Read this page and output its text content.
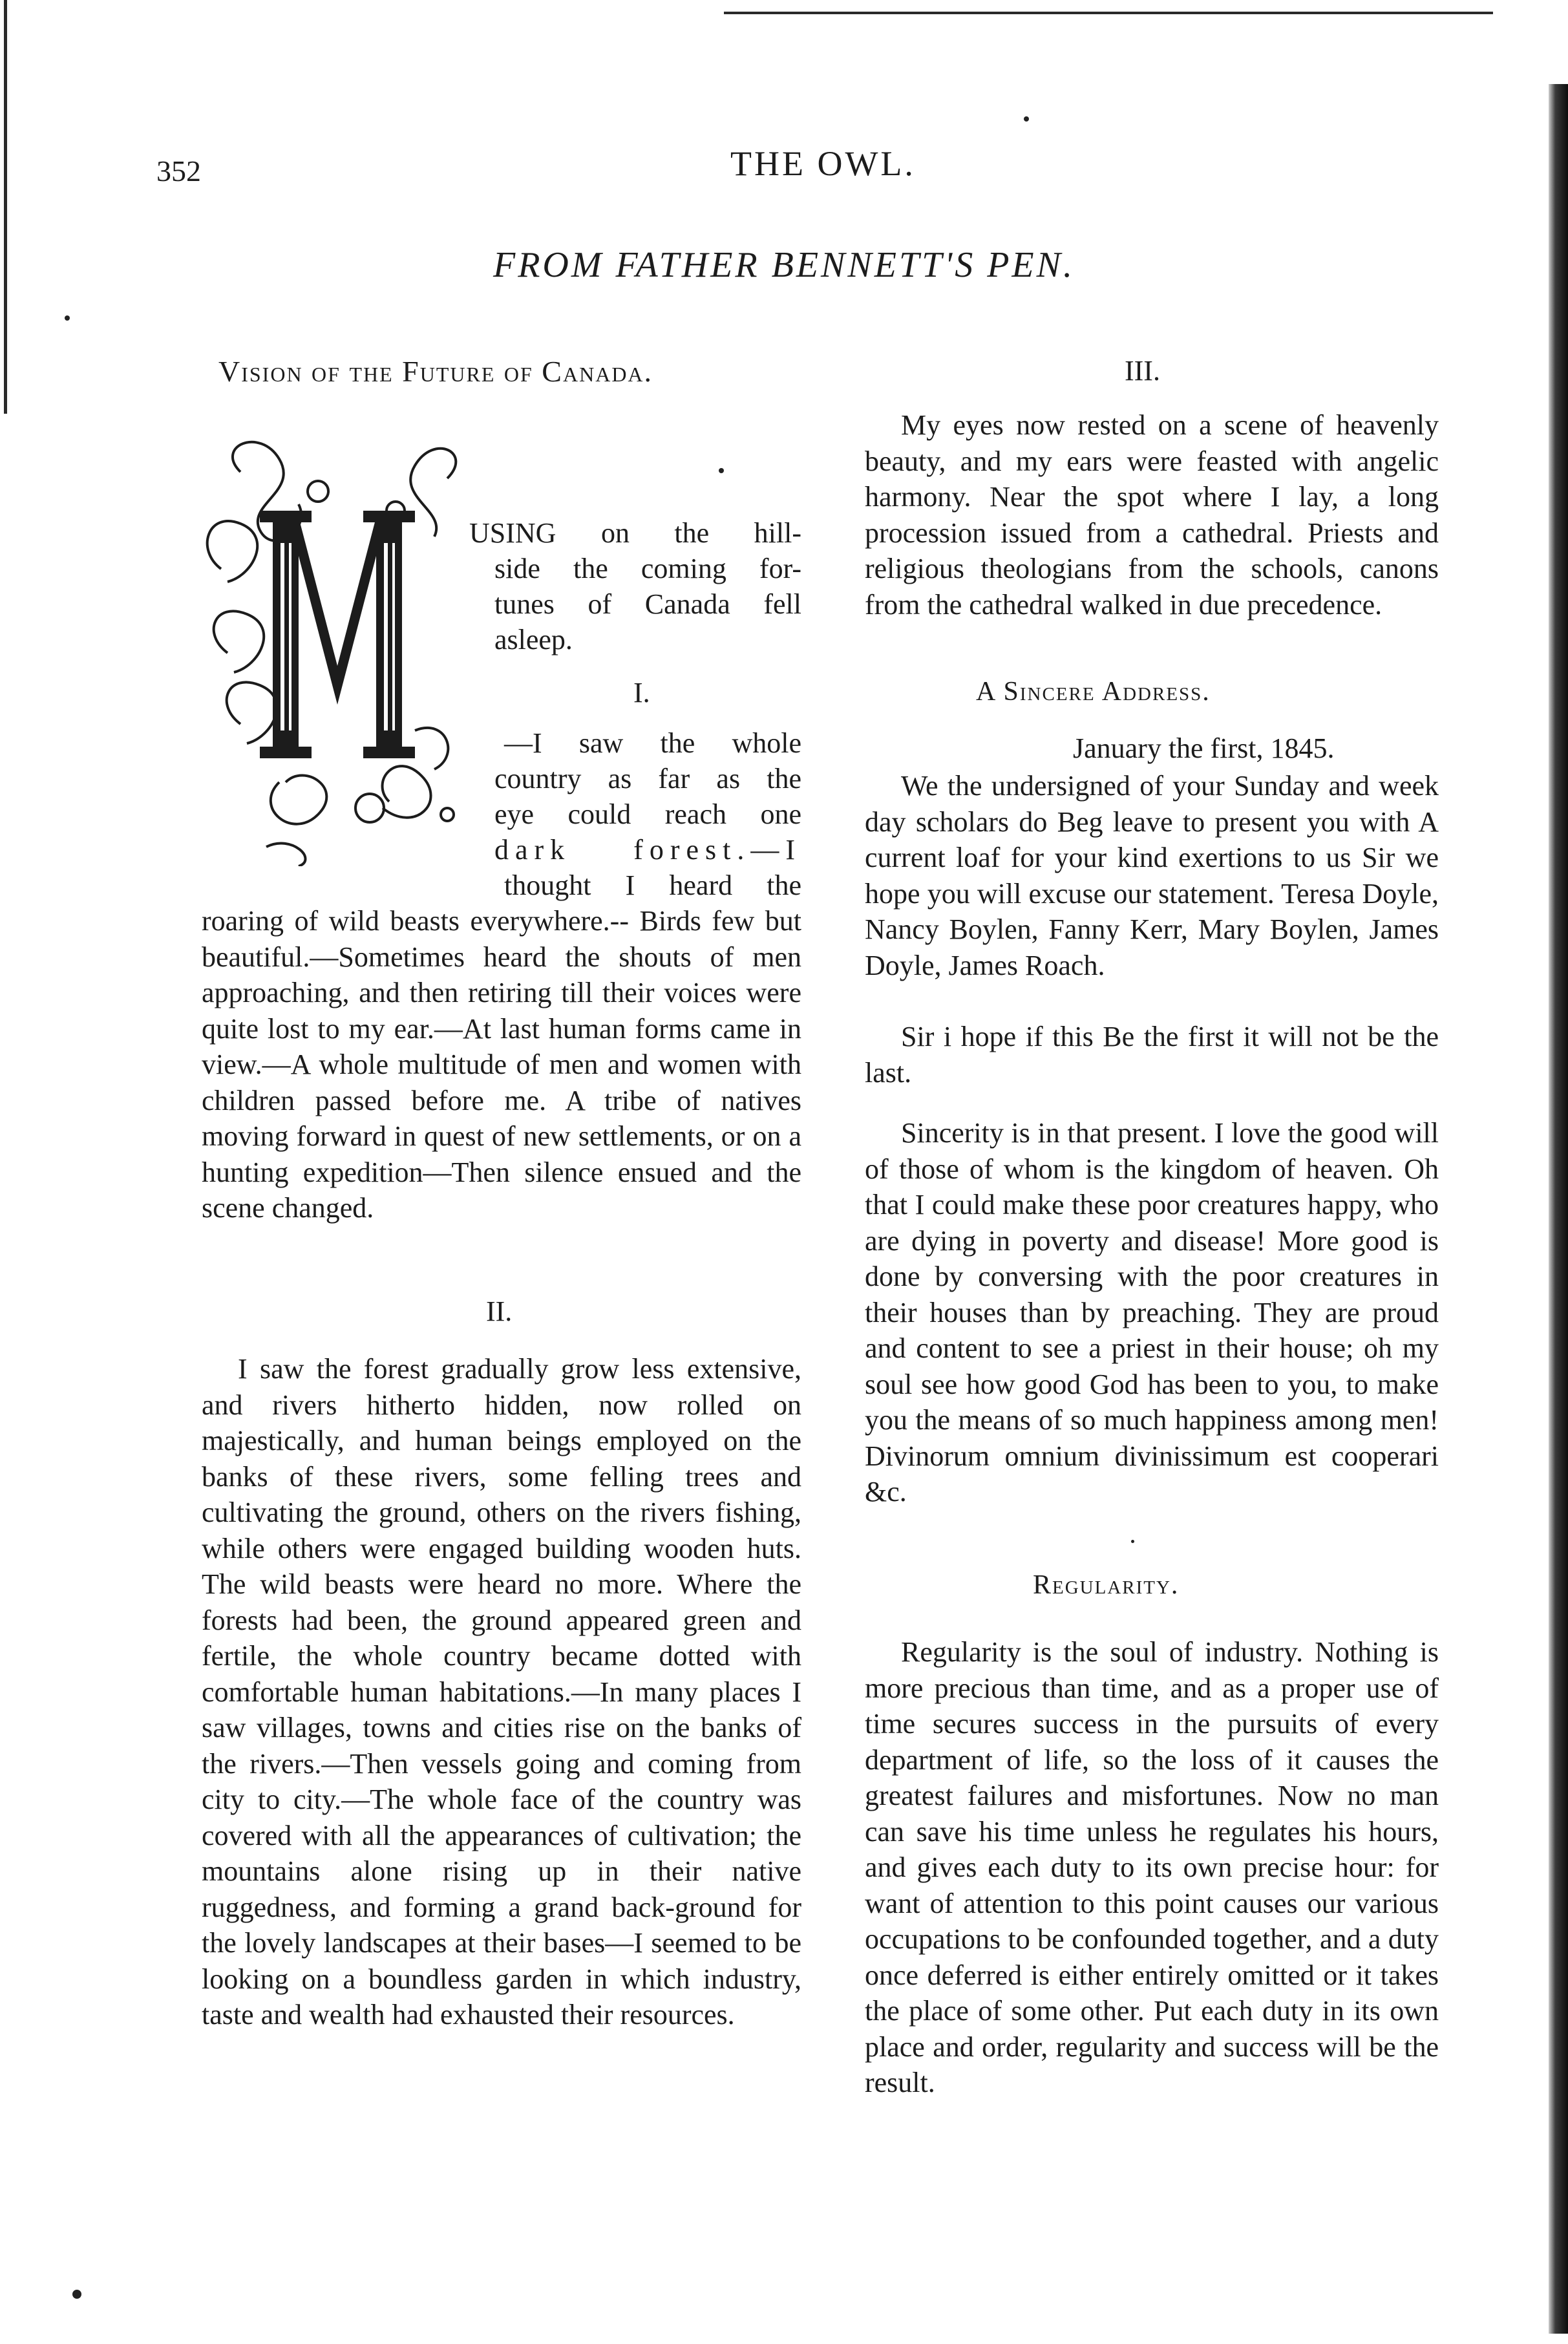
352	THE OWL.
FROM FATHER BENNETT'S PEN.
Vision of the Future of Canada.
M
USING on the hill-
side the coming for-
tunes of Canada fell
asleep.
I.
—I saw the whole
country as far as the
eye could reach one
dark forest.—I
thought I heard the

roaring of wild beasts everywhere.-- Birds few but beautiful.—Sometimes heard the shouts of men approaching, and then retiring till their voices were quite lost to my ear.—At last human forms came in view.—A whole multitude of men and women with children passed before me. A tribe of natives moving forward in quest of new settlements, or on a hunting expedition—Then silence ensued and the scene changed.

II.

I saw the forest gradually grow less extensive, and rivers hitherto hidden, now rolled on majestically, and human beings employed on the banks of these rivers, some felling trees and cultivating the ground, others on the rivers fishing, while others were engaged building wooden huts. The wild beasts were heard no more. Where the forests had been, the ground appeared green and fertile, the whole country became dotted with comfortable human habitations.—In many places I saw villages, towns and cities rise on the banks of the rivers.—Then vessels going and coming from city to city.—The whole face of the country was covered with all the appearances of cultivation; the mountains alone rising up in their native ruggedness, and forming a grand back-ground for the lovely landscapes at their bases—I seemed to be looking on a boundless garden in which industry, taste and wealth had exhausted their resources.

III.

My eyes now rested on a scene of heavenly beauty, and my ears were feasted with angelic harmony. Near the spot where I lay, a long procession issued from a cathedral. Priests and religious theologians from the schools, canons from the cathedral walked in due precedence.

A Sincere Address.
January the first, 1845.

We the undersigned of your Sunday and week day scholars do Beg leave to present you with A current loaf for your kind exertions to us Sir we hope you will excuse our statement. Teresa Doyle, Nancy Boylen, Fanny Kerr, Mary Boylen, James Doyle, James Roach.

Sir i hope if this Be the first it will not be the last.

Sincerity is in that present. I love the good will of those of whom is the kingdom of heaven. Oh that I could make these poor creatures happy, who are dying in poverty and disease! More good is done by conversing with the poor creatures in their houses than by preaching. They are proud and content to see a priest in their house; oh my soul see how good God has been to you, to make you the means of so much happiness among men! Divinorum omnium divinissimum est cooperari &c.

Regularity.

Regularity is the soul of industry. Nothing is more precious than time, and as a proper use of time secures success in the pursuits of every department of life, so the loss of it causes the greatest failures and misfortunes. Now no man can save his time unless he regulates his hours, and gives each duty to its own precise hour: for want of attention to this point causes our various occupations to be confounded together, and a duty once deferred is either entirely omitted or it takes the place of some other. Put each duty in its own place and order, regularity and success will be the result.
